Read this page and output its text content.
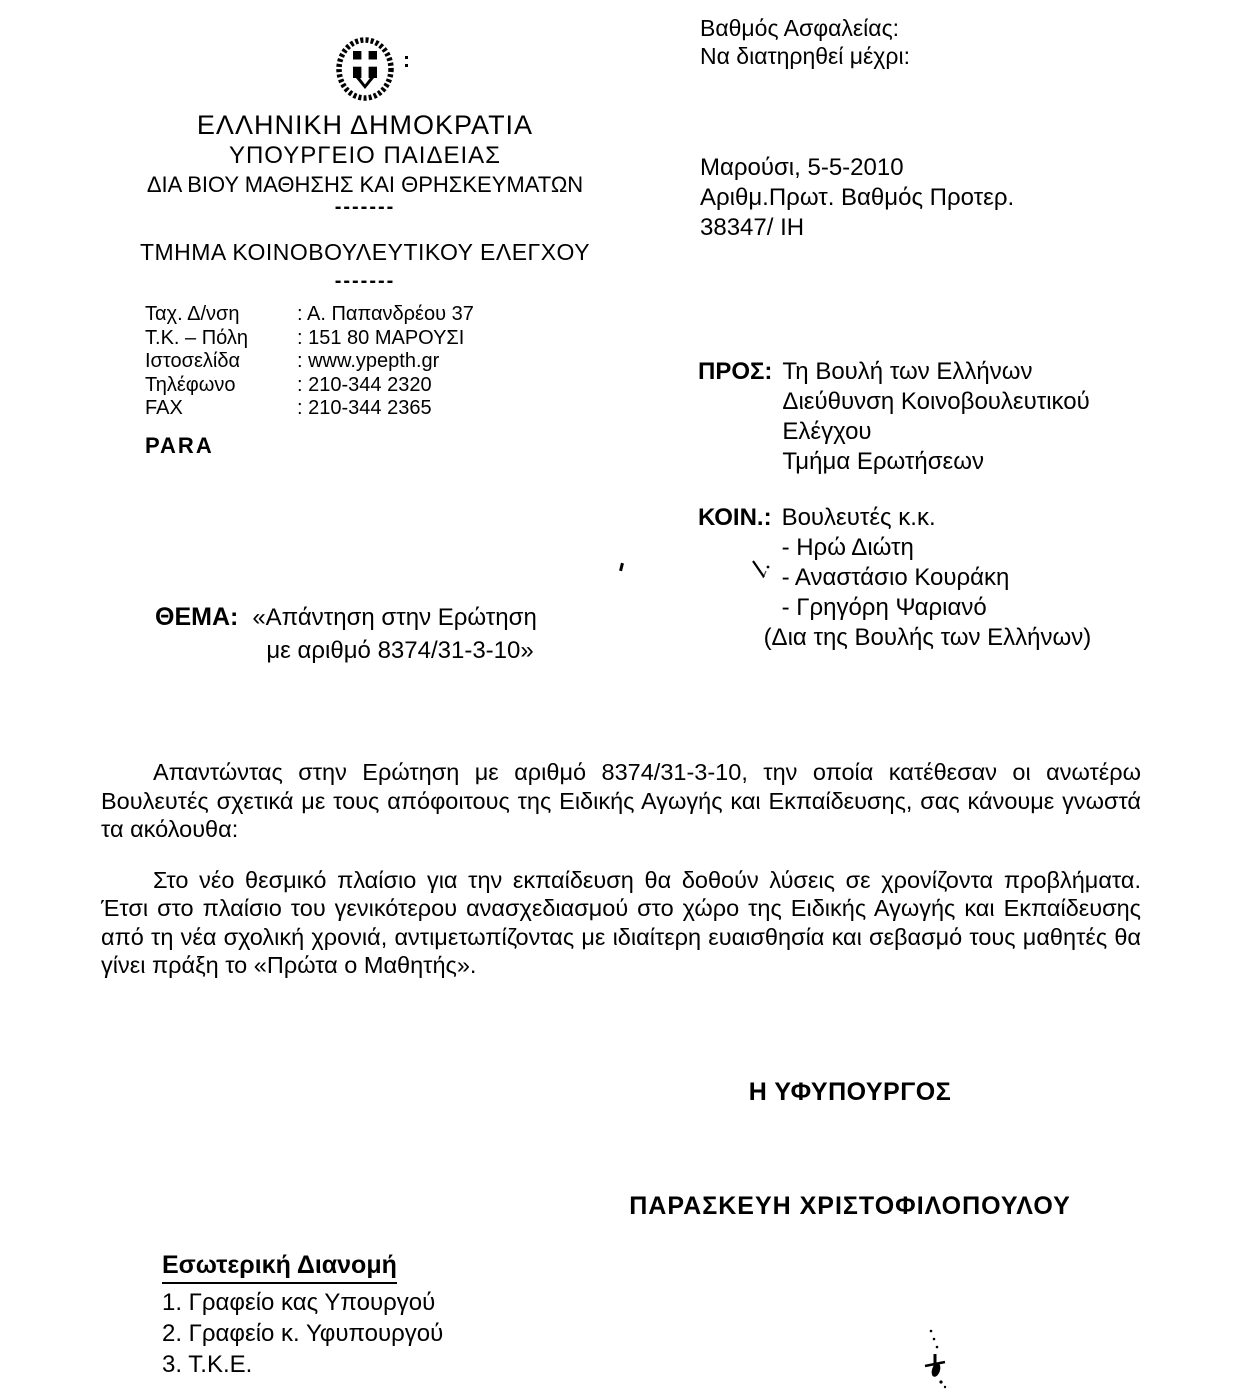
ΕΛΛΗΝΙΚΗ ΔΗΜΟΚΡΑΤΙΑ
ΥΠΟΥΡΓΕΙΟ ΠΑΙΔΕΙΑΣ
ΔΙΑ ΒΙΟΥ ΜΑΘΗΣΗΣ ΚΑΙ ΘΡΗΣΚΕΥΜΑΤΩΝ
-------
ΤΜΗΜΑ ΚΟΙΝΟΒΟΥΛΕΥΤΙΚΟΥ ΕΛΕΓΧΟΥ
-------
Ταχ. Δ/νση	: Α. Παπανδρέου 37
Τ.Κ. – Πόλη	: 151 80 ΜΑΡΟΥΣΙ
Ιστοσελίδα	: www.ypepth.gr
Τηλέφωνο	: 210-344 2320
FAX	: 210-344 2365
PARA
Βαθμός Ασφαλείας:
Να διατηρηθεί μέχρι:
Μαρούσι, 5-5-2010
Αριθμ.Πρωτ. Βαθμός Προτερ.
38347/ ΙΗ
ΠΡΟΣ: Τη Βουλή των Ελλήνων
Διεύθυνση Κοινοβουλευτικού
Ελέγχου
Τμήμα Ερωτήσεων
ΚΟΙΝ.: Βουλευτές κ.κ.
- Ηρώ Διώτη
- Αναστάσιο Κουράκη
- Γρηγόρη Ψαριανό
(Δια της Βουλής των Ελλήνων)
ΘΕΜΑ: «Απάντηση στην Ερώτηση
με αριθμό 8374/31-3-10»

Απαντώντας στην Ερώτηση με αριθμό 8374/31-3-10, την οποία κατέθεσαν οι ανωτέρω Βουλευτές σχετικά με τους απόφοιτους της Ειδικής Αγωγής και Εκπαίδευσης, σας κάνουμε γνωστά τα ακόλουθα:

Στο νέο θεσμικό πλαίσιο για την εκπαίδευση θα δοθούν λύσεις σε χρονίζοντα προβλήματα. Έτσι στο πλαίσιο του γενικότερου ανασχεδιασμού στο χώρο της Ειδικής Αγωγής και Εκπαίδευσης από τη νέα σχολική χρονιά, αντιμετωπίζοντας με ιδιαίτερη ευαισθησία και σεβασμό τους μαθητές θα γίνει πράξη το «Πρώτα ο Μαθητής».

Η ΥΦΥΠΟΥΡΓΟΣ
ΠΑΡΑΣΚΕΥΗ ΧΡΙΣΤΟΦΙΛΟΠΟΥΛΟΥ
Εσωτερική Διανομή
1. Γραφείο κας Υπουργού
2. Γραφείο κ. Υφυπουργού
3. Τ.Κ.Ε.
